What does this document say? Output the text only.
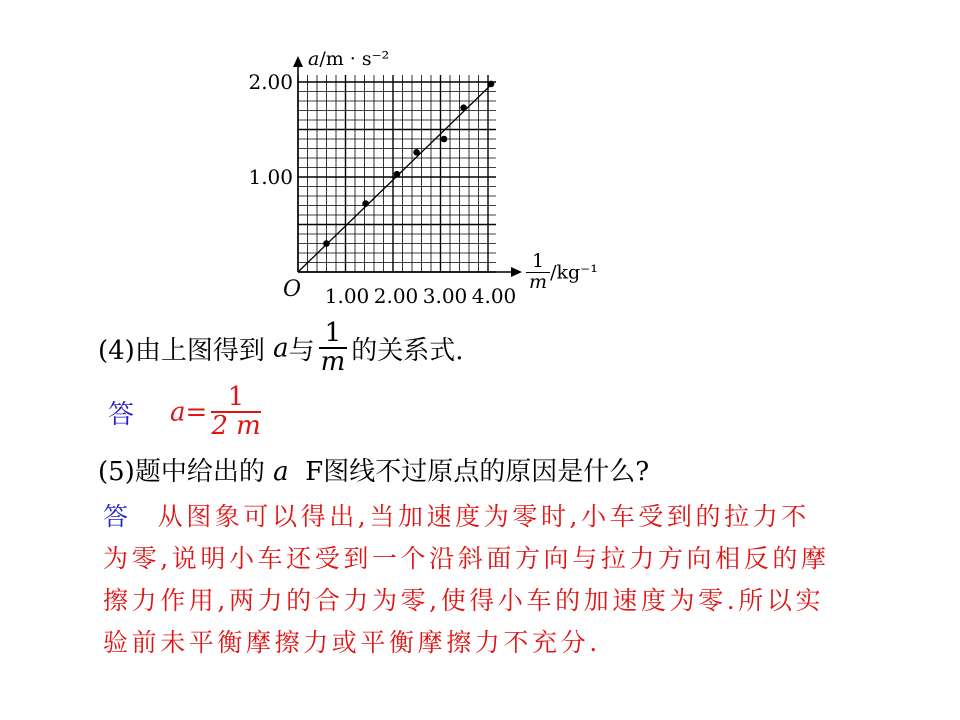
1.00 2.00 3.00 4.00
1.00
2.00
a/m · s⁻²
O	$\frac{1}{m} /kg^{-1}$
(4)由上图得到 a与 $\frac{1}{m}$ 的关系式.
答 $a= \frac{1}{2 m}$
(5)题中给出的 a  F图线不过原点的原因是什么?
答 从图象可以得出,当加速度为零时,小车受到的拉力不
为零,说明小车还受到一个沿斜面方向与拉力方向相反的摩
擦力作用,两力的合力为零,使得小车的加速度为零.所以实
验前未平衡摩擦力或平衡摩擦力不充分.
